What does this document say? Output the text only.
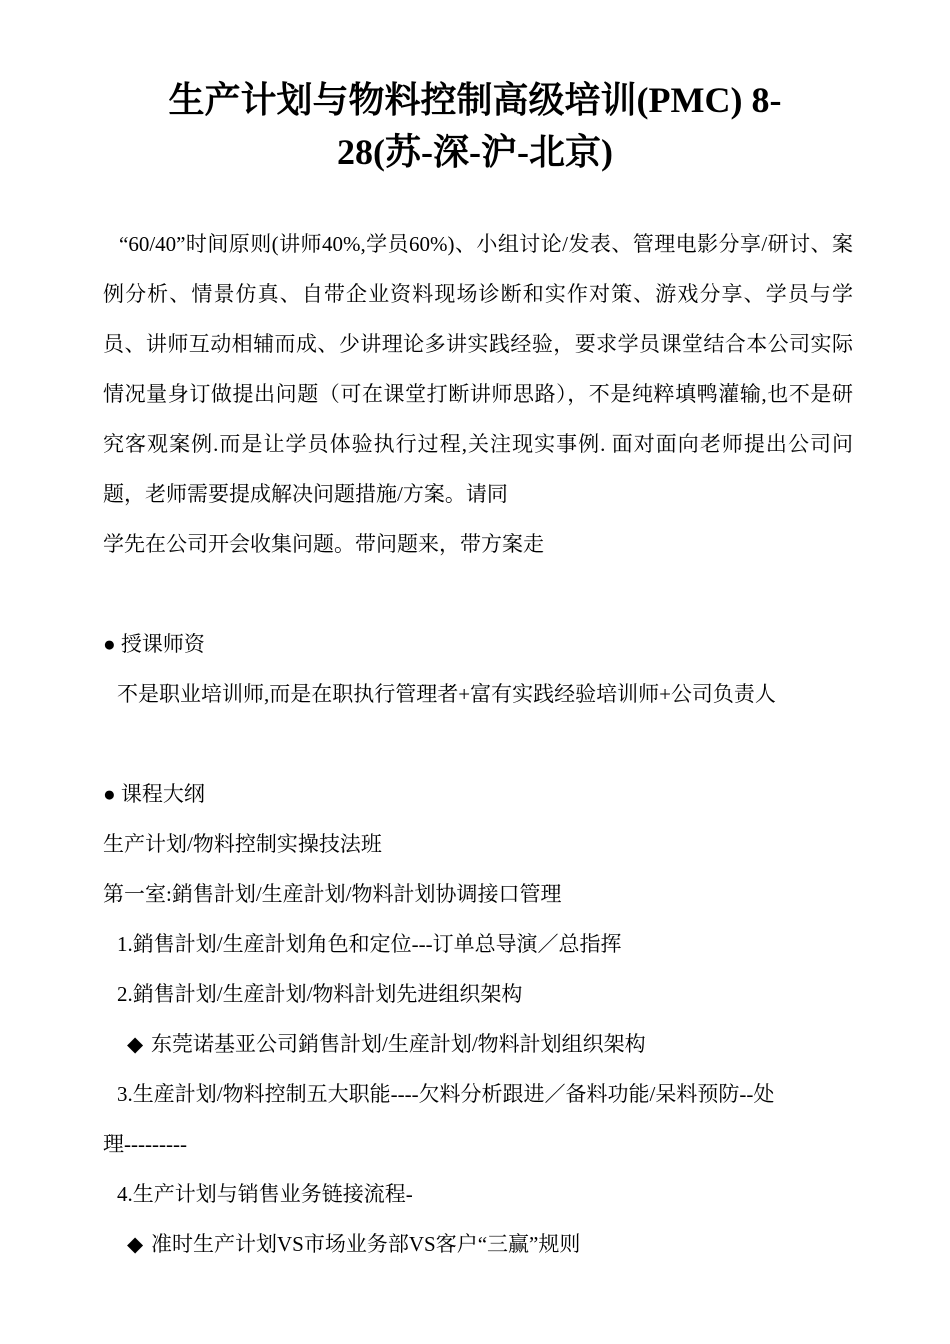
生产计划与物料控制高级培训(PMC) 8-
28(苏-深-沪-北京)

“60/40”时间原则(讲师40%,学员60%)、小组讨论/发表、管理电影分享/研讨、案例分析、情景仿真、自带企业资料现场诊断和实作对策、游戏分享、学员与学员、讲师互动相辅而成、少讲理论多讲实践经验，要求学员课堂结合本公司实际情况量身订做提出问题（可在课堂打断讲师思路），不是纯粹填鸭灌输,也不是研究客观案例.而是让学员体验执行过程,关注现实事例. 面对面向老师提出公司问题，老师需要提成解决问题措施/方案。请同

学先在公司开会收集问题。带问题来，带方案走
● 授课师资
不是职业培训师,而是在职执行管理者+富有实践经验培训师+公司负责人
● 课程大纲
生产计划/物料控制实操技法班
第一室:銷售計划/生産計划/物料計划协调接口管理
1.銷售計划/生産計划角色和定位---订单总导演／总指挥
2.銷售計划/生産計划/物料計划先进组织架构
◆ 东莞诺基亚公司銷售計划/生産計划/物料計划组织架构
3.生産計划/物料控制五大职能----欠料分析跟进／备料功能/呆料预防--处
理---------
4.生产计划与销售业务链接流程-
◆ 准时生产计划VS市场业务部VS客户“三赢”规则
